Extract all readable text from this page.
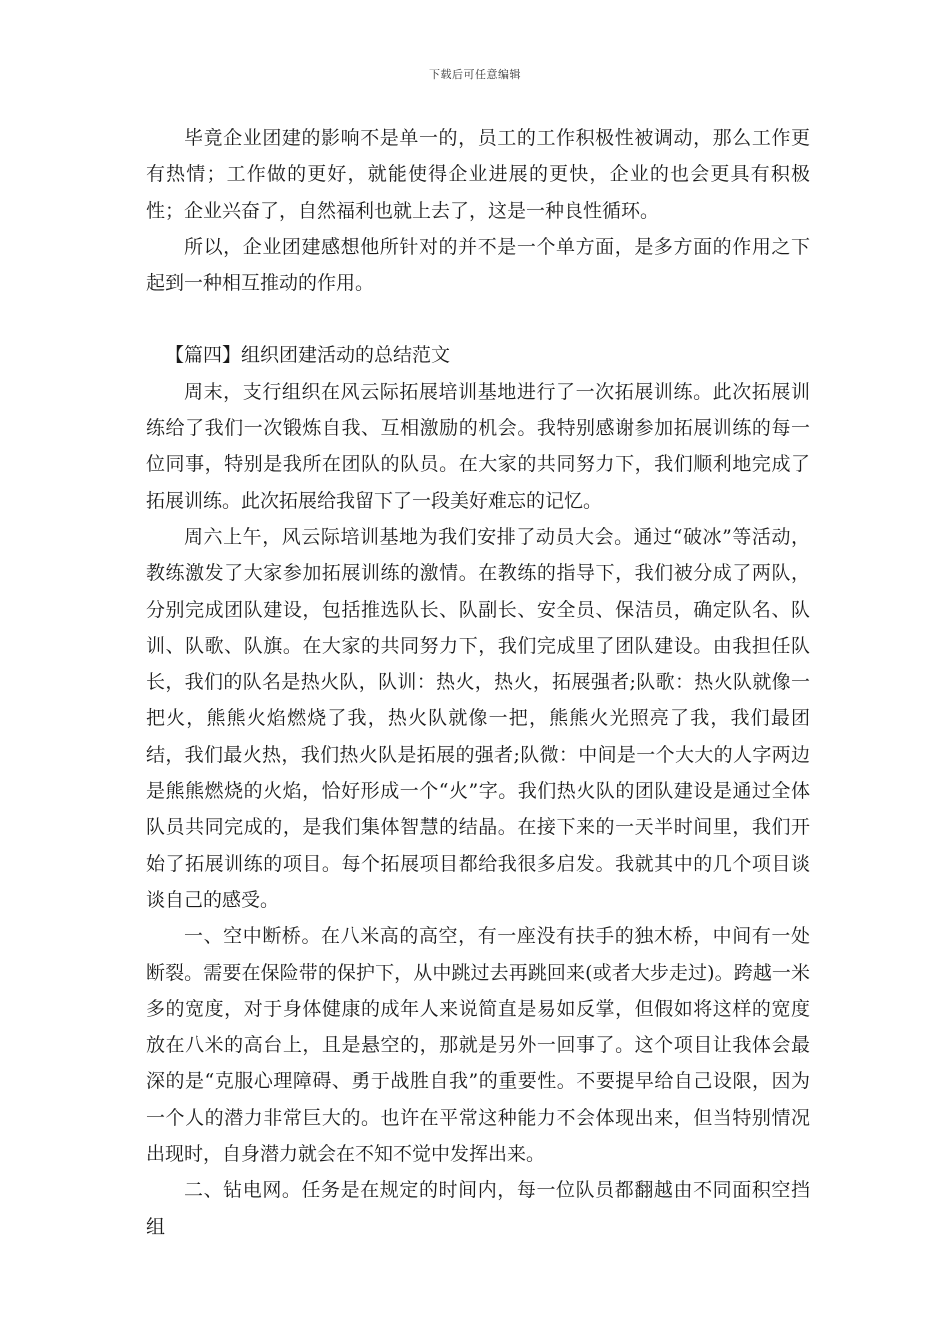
下载后可任意编辑

毕竟企业团建的影响不是单一的，员工的工作积极性被调动，那么工作更有热情；工作做的更好，就能使得企业进展的更快，企业的也会更具有积极性；企业兴奋了，自然福利也就上去了，这是一种良性循环。

所以，企业团建感想他所针对的并不是一个单方面，是多方面的作用之下起到一种相互推动的作用。

【篇四】组织团建活动的总结范文

周末，支行组织在风云际拓展培训基地进行了一次拓展训练。此次拓展训练给了我们一次锻炼自我、互相激励的机会。我特别感谢参加拓展训练的每一位同事，特别是我所在团队的队员。在大家的共同努力下，我们顺利地完成了拓展训练。此次拓展给我留下了一段美好难忘的记忆。

周六上午，风云际培训基地为我们安排了动员大会。通过“破冰”等活动，教练激发了大家参加拓展训练的激情。在教练的指导下，我们被分成了两队，分别完成团队建设，包括推选队长、队副长、安全员、保洁员，确定队名、队训、队歌、队旗。在大家的共同努力下，我们完成里了团队建设。由我担任队长，我们的队名是热火队，队训：热火，热火，拓展强者;队歌：热火队就像一把火，熊熊火焰燃烧了我，热火队就像一把，熊熊火光照亮了我，我们最团结，我们最火热，我们热火队是拓展的强者;队微：中间是一个大大的人字两边是熊熊燃烧的火焰，恰好形成一个“火”字。我们热火队的团队建设是通过全体队员共同完成的，是我们集体智慧的结晶。在接下来的一天半时间里，我们开始了拓展训练的项目。每个拓展项目都给我很多启发。我就其中的几个项目谈谈自己的感受。

一、空中断桥。在八米高的高空，有一座没有扶手的独木桥，中间有一处断裂。需要在保险带的保护下，从中跳过去再跳回来(或者大步走过)。跨越一米多的宽度，对于身体健康的成年人来说简直是易如反掌，但假如将这样的宽度放在八米的高台上，且是悬空的，那就是另外一回事了。这个项目让我体会最深的是“克服心理障碍、勇于战胜自我”的重要性。不要提早给自己设限，因为一个人的潜力非常巨大的。也许在平常这种能力不会体现出来，但当特别情况出现时，自身潜力就会在不知不觉中发挥出来。

二、钻电网。任务是在规定的时间内，每一位队员都翻越由不同面积空挡组
